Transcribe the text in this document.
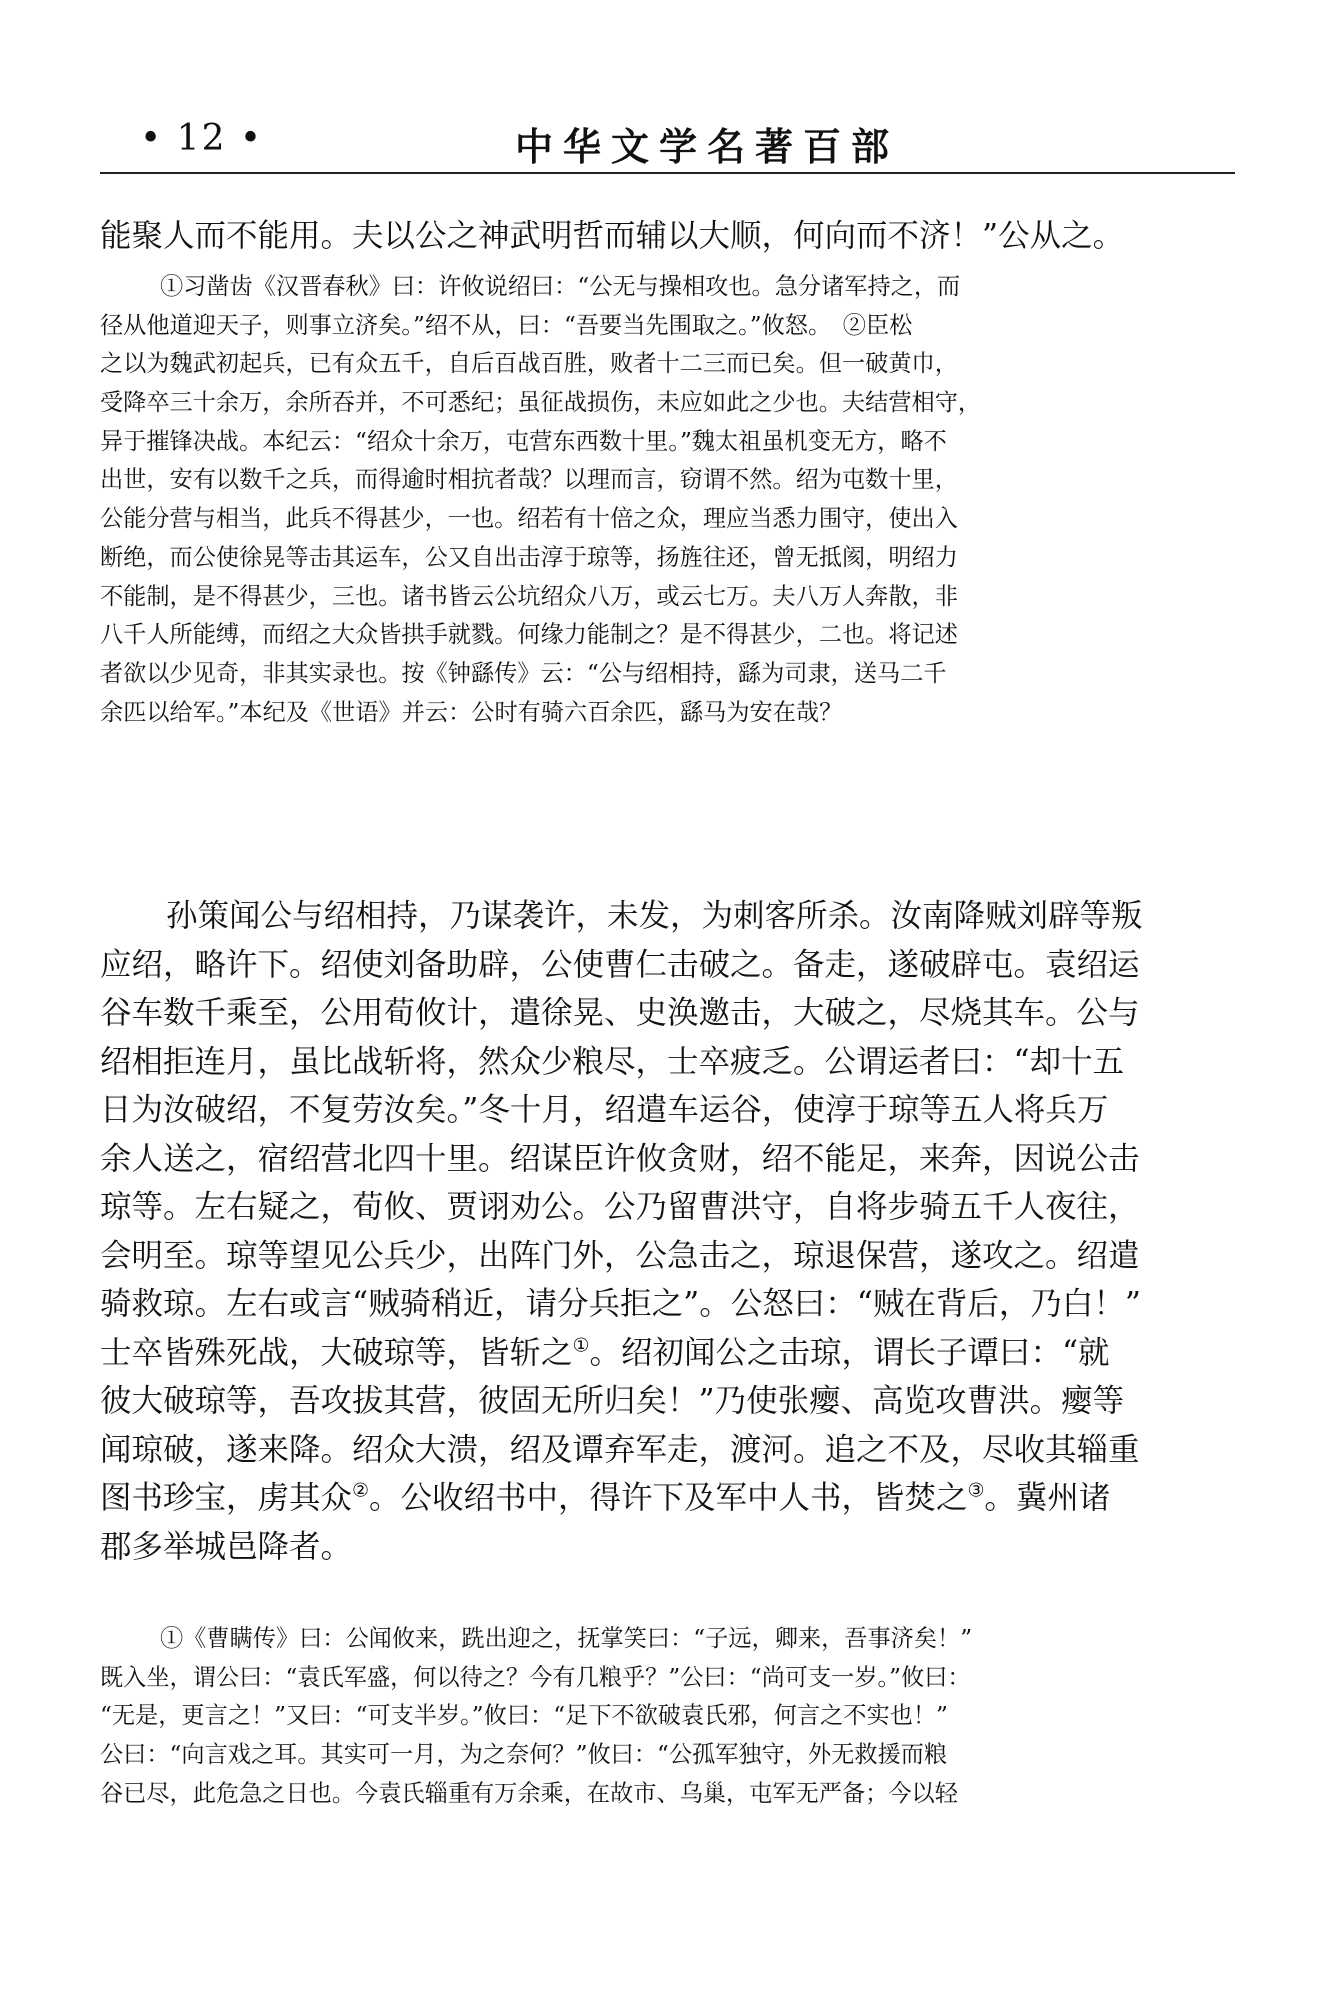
• 12 •	中华文学名著百部
能聚人而不能用。夫以公之神武明哲而辅以大顺，何向而不济！”公从之。
①习凿齿《汉晋春秋》曰：许攸说绍曰：“公无与操相攻也。急分诸军持之，而
径从他道迎天子，则事立济矣。”绍不从，曰：“吾要当先围取之。”攸怒。　②臣松
之以为魏武初起兵，已有众五千，自后百战百胜，败者十二三而已矣。但一破黄巾，
受降卒三十余万，余所吞并，不可悉纪；虽征战损伤，未应如此之少也。夫结营相守，
异于摧锋决战。本纪云：“绍众十余万，屯营东西数十里。”魏太祖虽机变无方，略不
出世，安有以数千之兵，而得逾时相抗者哉？以理而言，窃谓不然。绍为屯数十里，
公能分营与相当，此兵不得甚少，一也。绍若有十倍之众，理应当悉力围守，使出入
断绝，而公使徐晃等击其运车，公又自出击淳于琼等，扬旌往还，曾无抵阂，明绍力
不能制，是不得甚少，三也。诸书皆云公坑绍众八万，或云七万。夫八万人奔散，非
八千人所能缚，而绍之大众皆拱手就戮。何缘力能制之？是不得甚少，二也。将记述
者欲以少见奇，非其实录也。按《钟繇传》云：“公与绍相持，繇为司隶，送马二千
余匹以给军。”本纪及《世语》并云：公时有骑六百余匹，繇马为安在哉？
孙策闻公与绍相持，乃谋袭许，未发，为刺客所杀。汝南降贼刘辟等叛
应绍，略许下。绍使刘备助辟，公使曹仁击破之。备走，遂破辟屯。袁绍运
谷车数千乘至，公用荀攸计，遣徐晃、史涣邀击，大破之，尽烧其车。公与
绍相拒连月，虽比战斩将，然众少粮尽，士卒疲乏。公谓运者曰：“却十五
日为汝破绍，不复劳汝矣。”冬十月，绍遣车运谷，使淳于琼等五人将兵万
余人送之，宿绍营北四十里。绍谋臣许攸贪财，绍不能足，来奔，因说公击
琼等。左右疑之，荀攸、贾诩劝公。公乃留曹洪守，自将步骑五千人夜往，
会明至。琼等望见公兵少，出阵门外，公急击之，琼退保营，遂攻之。绍遣
骑救琼。左右或言“贼骑稍近，请分兵拒之”。公怒曰：“贼在背后，乃白！”
士卒皆殊死战，大破琼等，皆斩之①。绍初闻公之击琼，谓长子谭曰：“就
彼大破琼等，吾攻拔其营，彼固无所归矣！”乃使张瘿、高览攻曹洪。瘿等
闻琼破，遂来降。绍众大溃，绍及谭弃军走，渡河。追之不及，尽收其辎重
图书珍宝，虏其众②。公收绍书中，得许下及军中人书，皆焚之③。冀州诸
郡多举城邑降者。
①《曹瞒传》曰：公闻攸来，跣出迎之，抚掌笑曰：“子远，卿来，吾事济矣！”
既入坐，谓公曰：“袁氏军盛，何以待之？今有几粮乎？”公曰：“尚可支一岁。”攸曰：
“无是，更言之！”又曰：“可支半岁。”攸曰：“足下不欲破袁氏邪，何言之不实也！”
公曰：“向言戏之耳。其实可一月，为之奈何？”攸曰：“公孤军独守，外无救援而粮
谷已尽，此危急之日也。今袁氏辎重有万余乘，在故市、乌巢，屯军无严备；今以轻
